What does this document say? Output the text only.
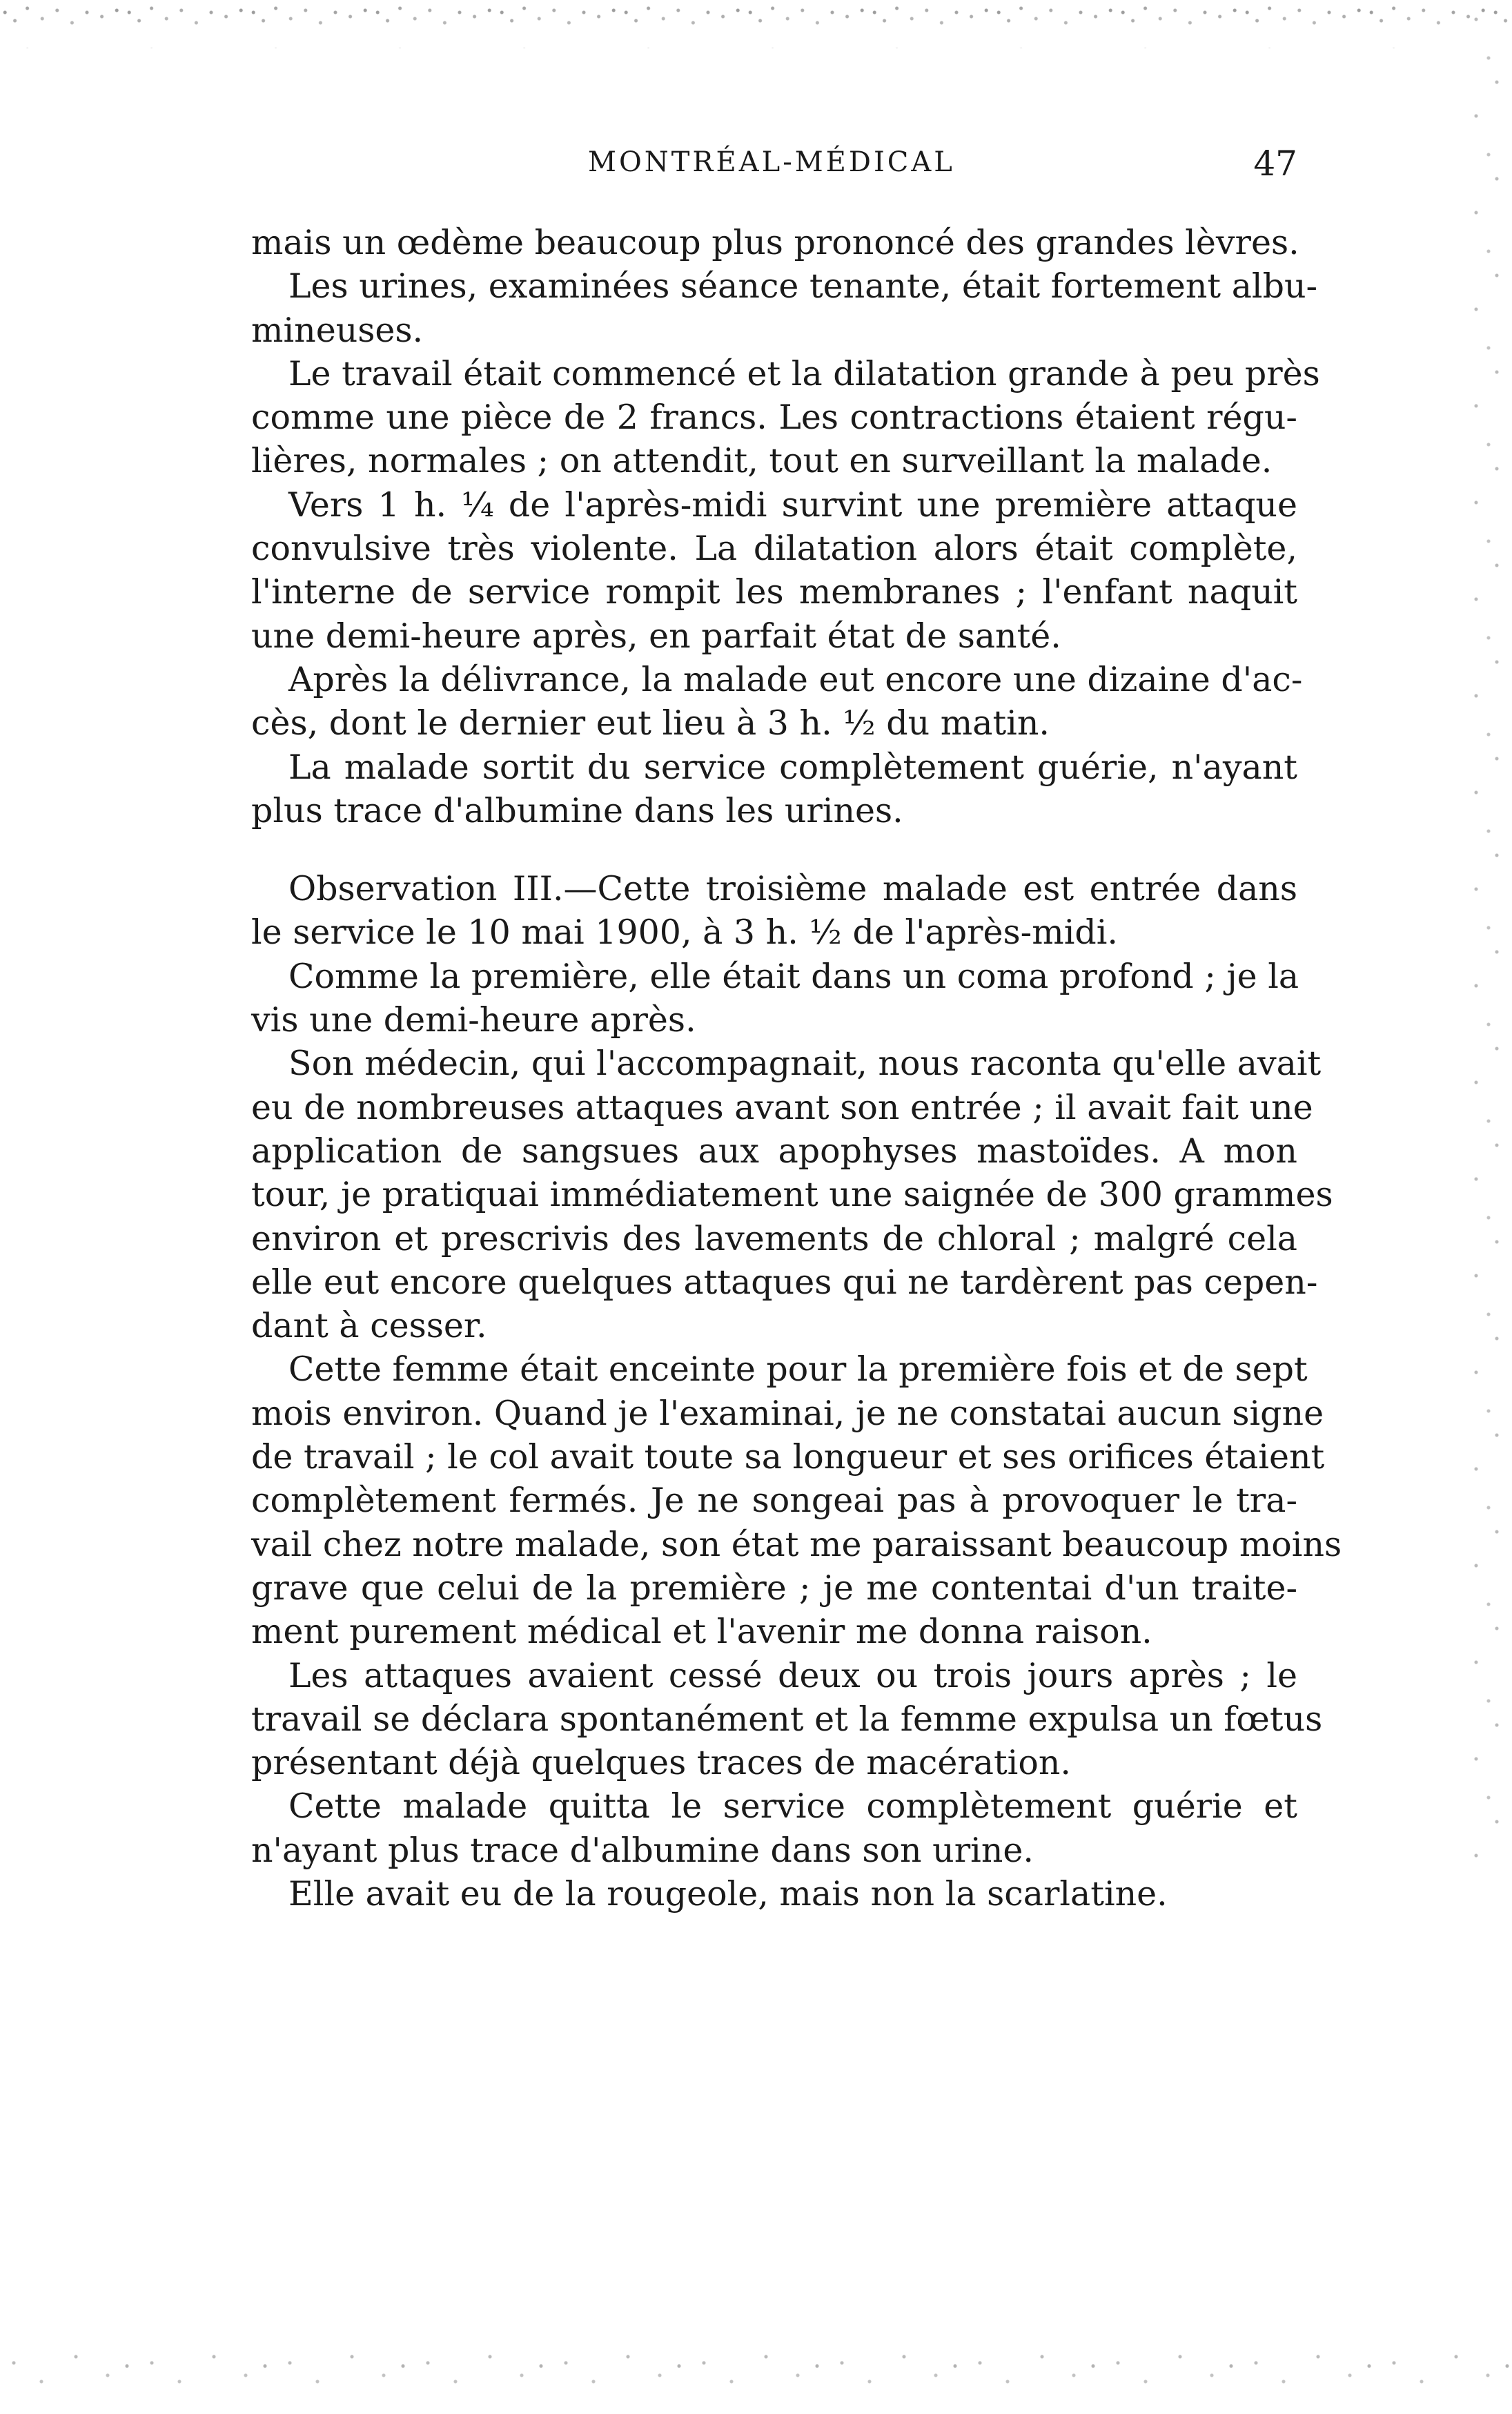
MONTRÉAL-MÉDICAL	47
mais un œdème beaucoup plus prononcé des grandes lèvres.
Les urines, examinées séance tenante, était fortement albu-
mineuses.
Le travail était commencé et la dilatation grande à peu près
comme une pièce de 2 francs. Les contractions étaient régu-
lières, normales ; on attendit, tout en surveillant la malade.
Vers 1 h. ¼ de l'après-midi survint une première attaque
convulsive très violente. La dilatation alors était complète,
l'interne de service rompit les membranes ; l'enfant naquit
une demi-heure après, en parfait état de santé.
Après la délivrance, la malade eut encore une dizaine d'ac-
cès, dont le dernier eut lieu à 3 h. ½ du matin.
La malade sortit du service complètement guérie, n'ayant
plus trace d'albumine dans les urines.
Observation III.—Cette troisième malade est entrée dans
le service le 10 mai 1900, à 3 h. ½ de l'après-midi.
Comme la première, elle était dans un coma profond ; je la
vis une demi-heure après.
Son médecin, qui l'accompagnait, nous raconta qu'elle avait
eu de nombreuses attaques avant son entrée ; il avait fait une
application de sangsues aux apophyses mastoïdes. A mon
tour, je pratiquai immédiatement une saignée de 300 grammes
environ et prescrivis des lavements de chloral ; malgré cela
elle eut encore quelques attaques qui ne tardèrent pas cepen-
dant à cesser.
Cette femme était enceinte pour la première fois et de sept
mois environ. Quand je l'examinai, je ne constatai aucun signe
de travail ; le col avait toute sa longueur et ses orifices étaient
complètement fermés. Je ne songeai pas à provoquer le tra-
vail chez notre malade, son état me paraissant beaucoup moins
grave que celui de la première ; je me contentai d'un traite-
ment purement médical et l'avenir me donna raison.
Les attaques avaient cessé deux ou trois jours après ; le
travail se déclara spontanément et la femme expulsa un fœtus
présentant déjà quelques traces de macération.
Cette malade quitta le service complètement guérie et
n'ayant plus trace d'albumine dans son urine.
Elle avait eu de la rougeole, mais non la scarlatine.
